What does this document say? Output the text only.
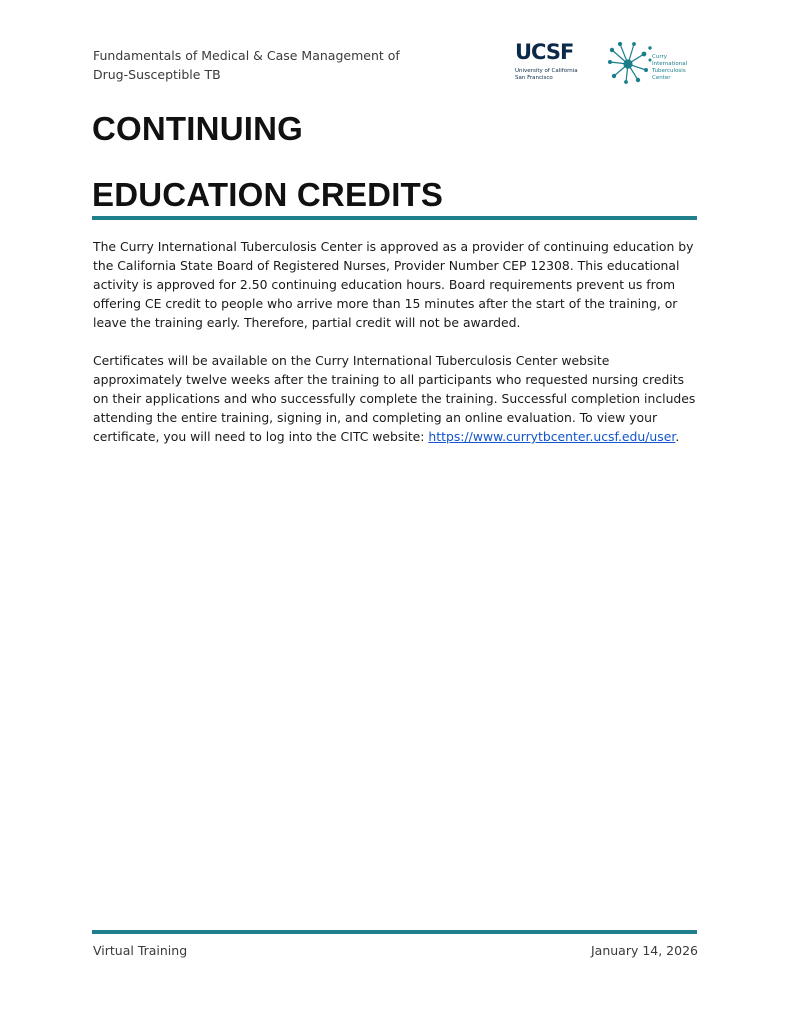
Fundamentals of Medical & Case Management of
Drug-Susceptible TB
UCSF
University of California San Francisco
Curry International Tuberculosis Center
CONTINUING
EDUCATION CREDITS

The Curry International Tuberculosis Center is approved as a provider of continuing education by the California State Board of Registered Nurses, Provider Number CEP 12308. This educational activity is approved for 2.50 continuing education hours. Board requirements prevent us from offering CE credit to people who arrive more than 15 minutes after the start of the training, or leave the training early. Therefore, partial credit will not be awarded.

Certificates will be available on the Curry International Tuberculosis Center website approximately twelve weeks after the training to all participants who requested nursing credits on their applications and who successfully complete the training. Successful completion includes attending the entire training, signing in, and completing an online evaluation. To view your certificate, you will need to log into the CITC website: https://www.currytbcenter.ucsf.edu/user.

Virtual Training	January 14, 2026
